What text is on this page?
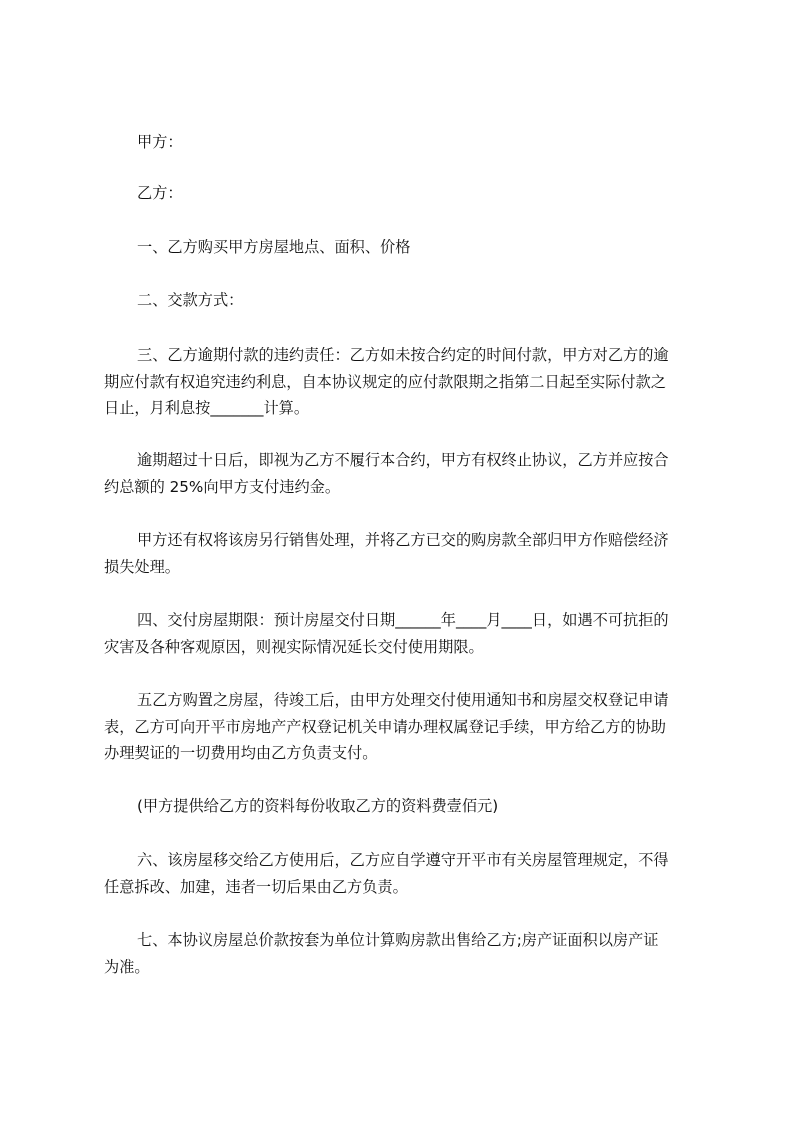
甲方：
乙方：
一、乙方购买甲方房屋地点、面积、价格
二、交款方式：
三、乙方逾期付款的违约责任：乙方如未按合约定的时间付款，甲方对乙方的逾
期应付款有权追究违约利息，自本协议规定的应付款限期之指第二日起至实际付款之
日止，月利息按_______计算。
逾期超过十日后，即视为乙方不履行本合约，甲方有权终止协议，乙方并应按合
约总额的 25%向甲方支付违约金。
甲方还有权将该房另行销售处理，并将乙方已交的购房款全部归甲方作赔偿经济
损失处理。
四、交付房屋期限：预计房屋交付日期______年____月____日，如遇不可抗拒的
灾害及各种客观原因，则视实际情况延长交付使用期限。
五乙方购置之房屋，待竣工后，由甲方处理交付使用通知书和房屋交权登记申请
表，乙方可向开平市房地产产权登记机关申请办理权属登记手续，甲方给乙方的协助
办理契证的一切费用均由乙方负责支付。
(甲方提供给乙方的资料每份收取乙方的资料费壹佰元)
六、该房屋移交给乙方使用后，乙方应自学遵守开平市有关房屋管理规定，不得
任意拆改、加建，违者一切后果由乙方负责。
七、本协议房屋总价款按套为单位计算购房款出售给乙方;房产证面积以房产证
为准。
